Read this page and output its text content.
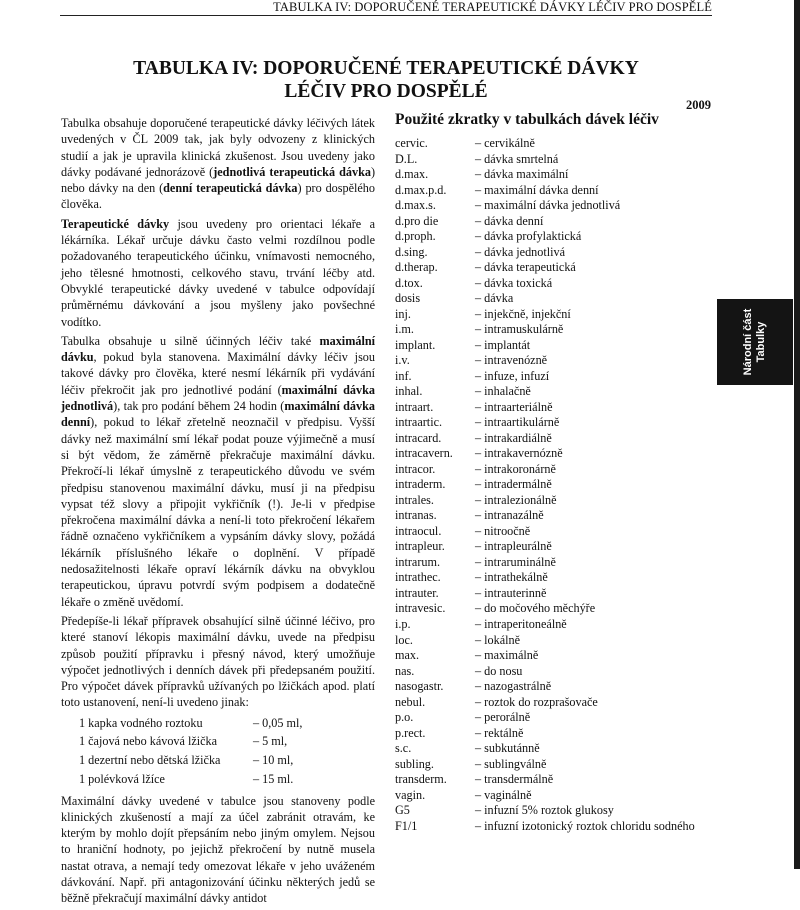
TABULKA IV: DOPORUČENÉ TERAPEUTICKÉ DÁVKY LÉČIV PRO DOSPĚLÉ
TABULKA IV: DOPORUČENÉ TERAPEUTICKÉ DÁVKY
LÉČIV PRO DOSPĚLÉ
2009

Tabulka obsahuje doporučené terapeutické dávky léčivých látek uvedených v ČL 2009 tak, jak byly odvozeny z klinických studií a jak je upravila klinická zkušenost. Jsou uvedeny jako dávky podávané jednorázově (jednotlivá terapeutická dávka) nebo dávky na den (denní terapeutická dávka) pro dospělého člověka.

Terapeutické dávky jsou uvedeny pro orientaci lékaře a lékárníka. Lékař určuje dávku často velmi rozdílnou podle požadovaného terapeutického účinku, vnímavosti nemocného, jeho tělesné hmotnosti, celkového stavu, trvání léčby atd. Obvyklé terapeutické dávky uvedené v tabulce odpovídají průměrnému dávkování a jsou myšleny jako povšechné vodítko.

Tabulka obsahuje u silně účinných léčiv také maximální dávku, pokud byla stanovena. Maximální dávky léčiv jsou takové dávky pro člověka, které nesmí lékárník při vydávání léčiv překročit jak pro jednotlivé podání (maximální dávka jednotlivá), tak pro podání během 24 hodin (maximální dávka denní), pokud to lékař zřetelně neoznačil v předpisu. Vyšší dávky než maximální smí lékař podat pouze výjimečně a musí si být vědom, že záměrně překračuje maximální dávku. Překročí-li lékař úmyslně z terapeutického důvodu ve svém předpisu stanovenou maximální dávku, musí ji na předpisu vypsat též slovy a připojit vykřičník (!). Je-li v předpise překročena maximální dávka a není-li toto překročení lékařem řádně označeno vykřičníkem a vypsáním dávky slovy, požádá lékárník příslušného lékaře o doplnění. V případě nedosažitelnosti lékaře opraví lékárník dávku na obvyklou terapeutickou, úpravu potvrdí svým podpisem a dodatečně lékaře o změně uvědomí.

Předepíše-li lékař přípravek obsahující silně účinné léčivo, pro které stanoví lékopis maximální dávku, uvede na předpisu způsob použití přípravku i přesný návod, který umožňuje výpočet jednotlivých i denních dávek při předepsaném použití. Pro výpočet dávek přípravků užívaných po lžičkách apod. platí toto ustanovení, není-li uvedeno jinak:

1 kapka vodného roztoku	– 0,05 ml,
1 čajová nebo kávová lžička	– 5 ml,
1 dezertní nebo dětská lžička	– 10 ml,
1 polévková lžíce	– 15 ml.

Maximální dávky uvedené v tabulce jsou stanoveny podle klinických zkušeností a mají za účel zabránit otravám, ke kterým by mohlo dojít přepsáním nebo jiným omylem. Nejsou to hraniční hodnoty, po jejichž překročení by nutně musela nastat otrava, a nemají tedy omezovat lékaře v jeho uváženém dávkování. Např. při antagonizování účinku některých jedů se běžně překračují maximální dávky antidot

Použité zkratky v tabulkách dávek léčiv
cervic.	– cervikálně
D.L.	– dávka smrtelná
d.max.	– dávka maximální
d.max.p.d.	– maximální dávka denní
d.max.s.	– maximální dávka jednotlivá
d.pro die	– dávka denní
d.proph.	– dávka profylaktická
d.sing.	– dávka jednotlivá
d.therap.	– dávka terapeutická
d.tox.	– dávka toxická
dosis	– dávka
inj.	– injekčně, injekční
i.m.	– intramuskulárně
implant.	– implantát
i.v.	– intravenózně
inf.	– infuze, infuzí
inhal.	– inhalačně
intraart.	– intraarteriálně
intraartic.	– intraartikulárně
intracard.	– intrakardiálně
intracavern.	– intrakavernózně
intracor.	– intrakoronárně
intraderm.	– intradermálně
intrales.	– intralezionálně
intranas.	– intranazálně
intraocul.	– nitroočně
intrapleur.	– intrapleurálně
intrarum.	– intraruminálně
intrathec.	– intrathekálně
intrauter.	– intrauterinně
intravesic.	– do močového měchýře
i.p.	– intraperitoneálně
loc.	– lokálně
max.	– maximálně
nas.	– do nosu
nasogastr.	– nazogastrálně
nebul.	– roztok do rozprašovače
p.o.	– perorálně
p.rect.	– rektálně
s.c.	– subkutánně
subling.	– sublingválně
transderm.	– transdermálně
vagin.	– vaginálně
G5	– infuzní 5% roztok glukosy
F1/1	– infuzní izotonický roztok chloridu sodného
Národní část Tabulky
